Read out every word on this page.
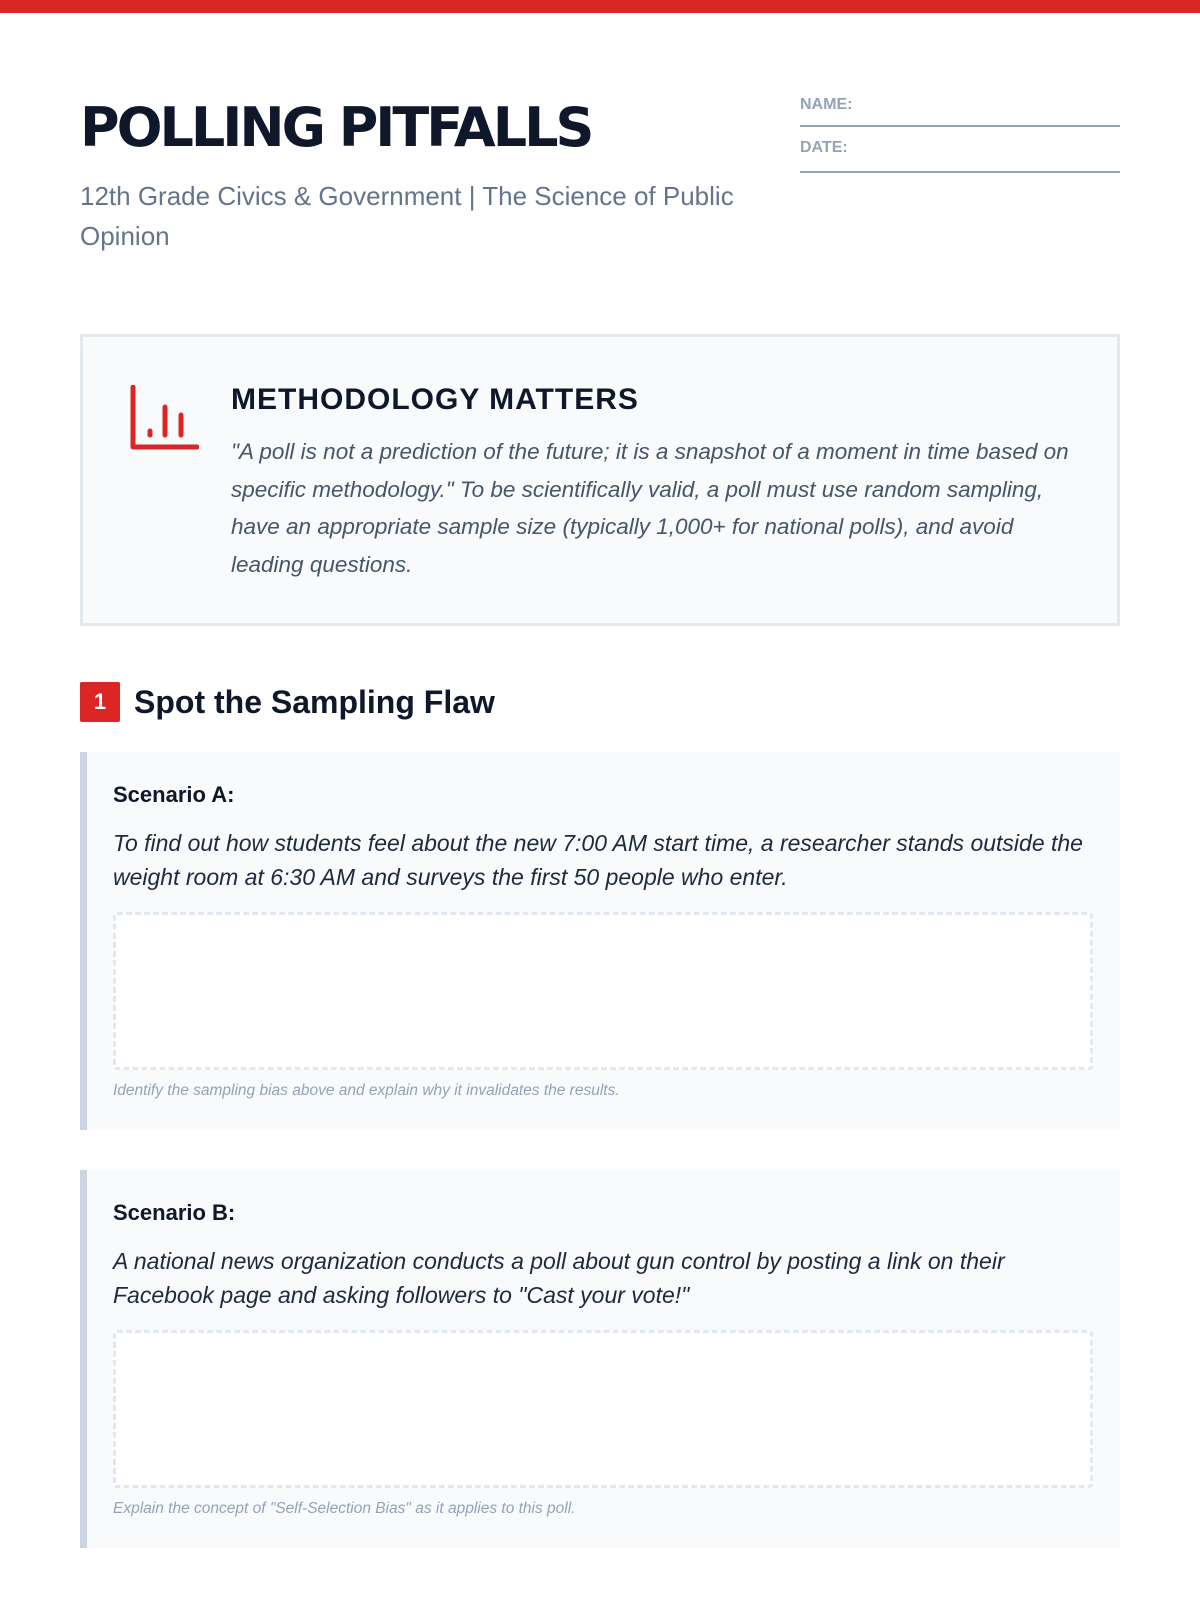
POLLING PITFALLS
12th Grade Civics & Government | The Science of Public Opinion
NAME:
DATE:
METHODOLOGY MATTERS
"A poll is not a prediction of the future; it is a snapshot of a moment in time based on specific methodology." To be scientifically valid, a poll must use random sampling, have an appropriate sample size (typically 1,000+ for national polls), and avoid leading questions.
1 Spot the Sampling Flaw
Scenario A:
To find out how students feel about the new 7:00 AM start time, a researcher stands outside the weight room at 6:30 AM and surveys the first 50 people who enter.
Identify the sampling bias above and explain why it invalidates the results.
Scenario B:
A national news organization conducts a poll about gun control by posting a link on their Facebook page and asking followers to "Cast your vote!"
Explain the concept of "Self-Selection Bias" as it applies to this poll.
